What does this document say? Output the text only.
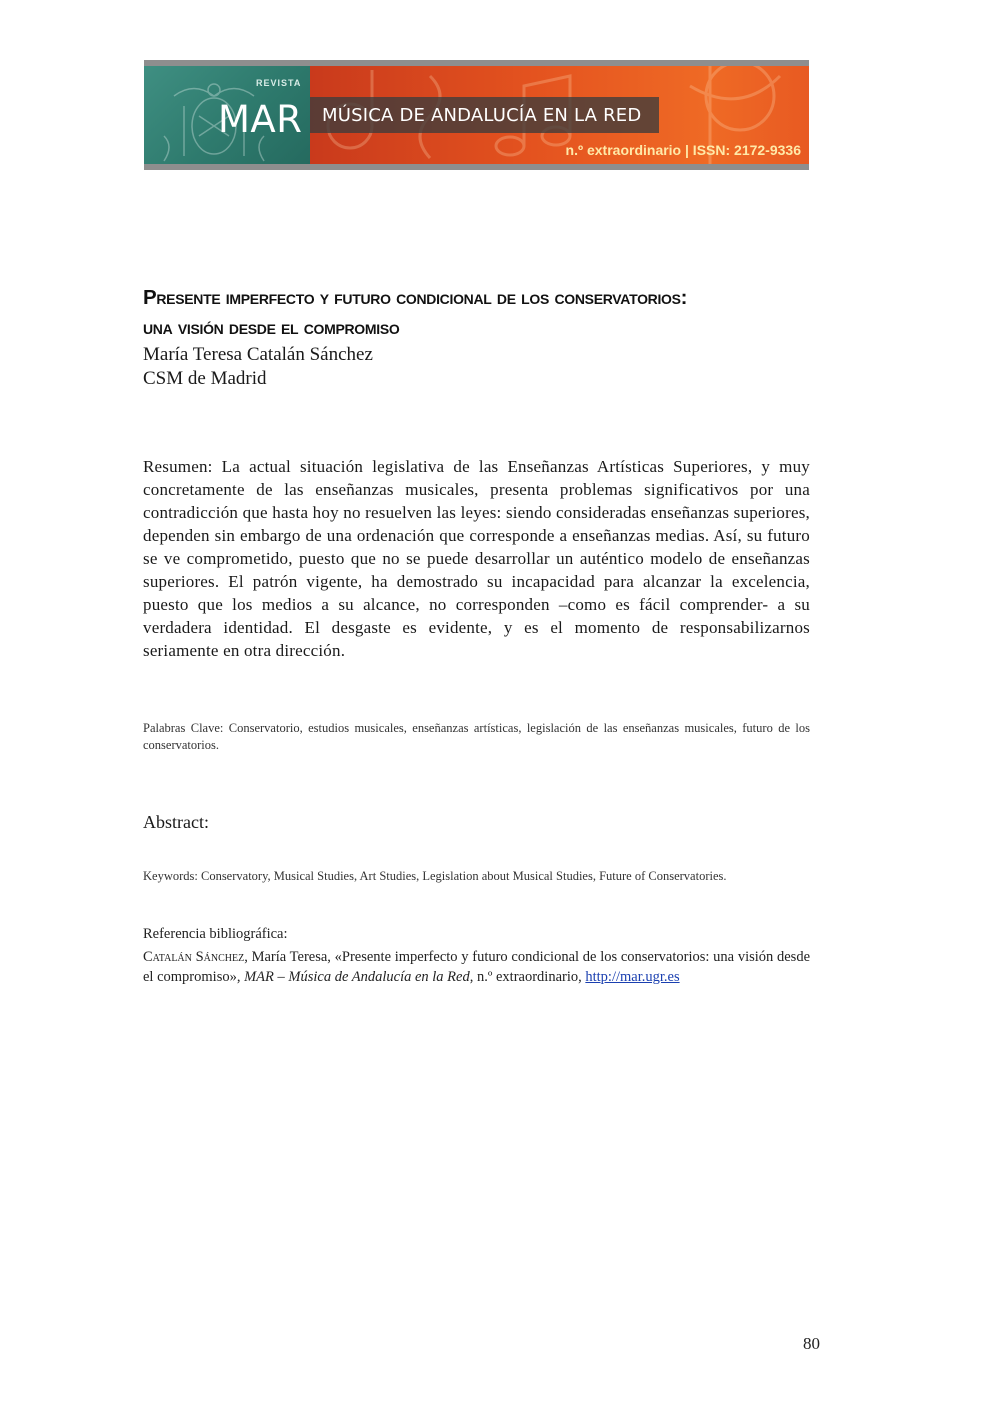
REVISTA
MAR MÚSICA DE ANDALUCÍA EN LA RED
n.º extraordinario | ISSN: 2172-9336
Presente imperfecto y futuro condicional de los conservatorios:
una visión desde el compromiso
María Teresa Catalán Sánchez
CSM de Madrid

Resumen: La actual situación legislativa de las Enseñanzas Artísticas Superiores, y muy concretamente de las enseñanzas musicales, presenta problemas significativos por una contradicción que hasta hoy no resuelven las leyes: siendo consideradas enseñanzas superiores, dependen sin embargo de una ordenación que corresponde a enseñanzas medias. Así, su futuro se ve comprometido, puesto que no se puede desarrollar un auténtico modelo de enseñanzas superiores. El patrón vigente, ha demostrado su incapacidad para alcanzar la excelencia, puesto que los medios a su alcance, no corresponden –como es fácil comprender- a su verdadera identidad. El desgaste es evidente, y es el momento de responsabilizarnos seriamente en otra dirección.

Palabras Clave: Conservatorio, estudios musicales, enseñanzas artísticas, legislación de las enseñanzas musicales, futuro de los conservatorios.

Abstract:

Keywords: Conservatory, Musical Studies, Art Studies, Legislation about Musical Studies, Future of Conservatories.

Referencia bibliográfica:

Catalán Sánchez, María Teresa, «Presente imperfecto y futuro condicional de los conservatorios: una visión desde el compromiso», MAR – Música de Andalucía en la Red, n.º extraordinario, http://mar.ugr.es

80
